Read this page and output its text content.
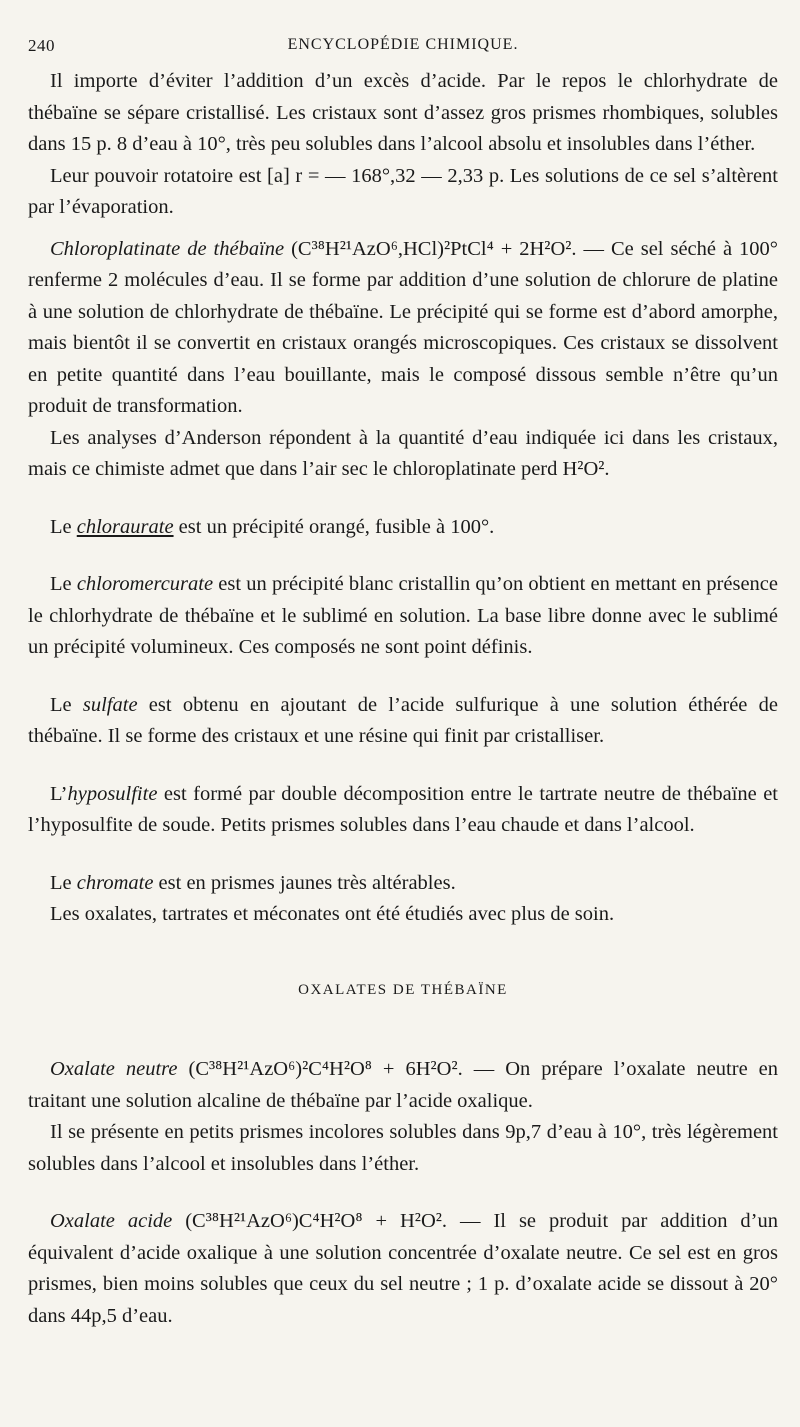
240	ENCYCLOPÉDIE CHIMIQUE.

Il importe d’éviter l’addition d’un excès d’acide. Par le repos le chlorhydrate de thébaïne se sépare cristallisé. Les cristaux sont d’assez gros prismes rhombiques, solubles dans 15 p. 8 d’eau à 10°, très peu solubles dans l’alcool absolu et insolubles dans l’éther.

Leur pouvoir rotatoire est [a] r = — 168°,32 — 2,33 p. Les solutions de ce sel s’altèrent par l’évaporation.

Chloroplatinate de thébaïne (C³⁸H²¹AzO⁶,HCl)²PtCl⁴ + 2H²O². — Ce sel séché à 100° renferme 2 molécules d’eau. Il se forme par addition d’une solution de chlorure de platine à une solution de chlorhydrate de thébaïne. Le précipité qui se forme est d’abord amorphe, mais bientôt il se convertit en cristaux orangés microscopiques. Ces cristaux se dissolvent en petite quantité dans l’eau bouillante, mais le composé dissous semble n’être qu’un produit de transformation.

Les analyses d’Anderson répondent à la quantité d’eau indiquée ici dans les cristaux, mais ce chimiste admet que dans l’air sec le chloroplatinate perd H²O².

Le chloraurate est un précipité orangé, fusible à 100°.

Le chloromercurate est un précipité blanc cristallin qu’on obtient en mettant en présence le chlorhydrate de thébaïne et le sublimé en solution. La base libre donne avec le sublimé un précipité volumineux. Ces composés ne sont point définis.

Le sulfate est obtenu en ajoutant de l’acide sulfurique à une solution éthérée de thébaïne. Il se forme des cristaux et une résine qui finit par cristalliser.

L’hyposulfite est formé par double décomposition entre le tartrate neutre de thébaïne et l’hyposulfite de soude. Petits prismes solubles dans l’eau chaude et dans l’alcool.

Le chromate est en prismes jaunes très altérables.

Les oxalates, tartrates et méconates ont été étudiés avec plus de soin.

OXALATES DE THÉBAÏNE

Oxalate neutre (C³⁸H²¹AzO⁶)²C⁴H²O⁸ + 6H²O². — On prépare l’oxalate neutre en traitant une solution alcaline de thébaïne par l’acide oxalique.

Il se présente en petits prismes incolores solubles dans 9p,7 d’eau à 10°, très légèrement solubles dans l’alcool et insolubles dans l’éther.

Oxalate acide (C³⁸H²¹AzO⁶)C⁴H²O⁸ + H²O². — Il se produit par addition d’un équivalent d’acide oxalique à une solution concentrée d’oxalate neutre. Ce sel est en gros prismes, bien moins solubles que ceux du sel neutre ; 1 p. d’oxalate acide se dissout à 20° dans 44p,5 d’eau.
